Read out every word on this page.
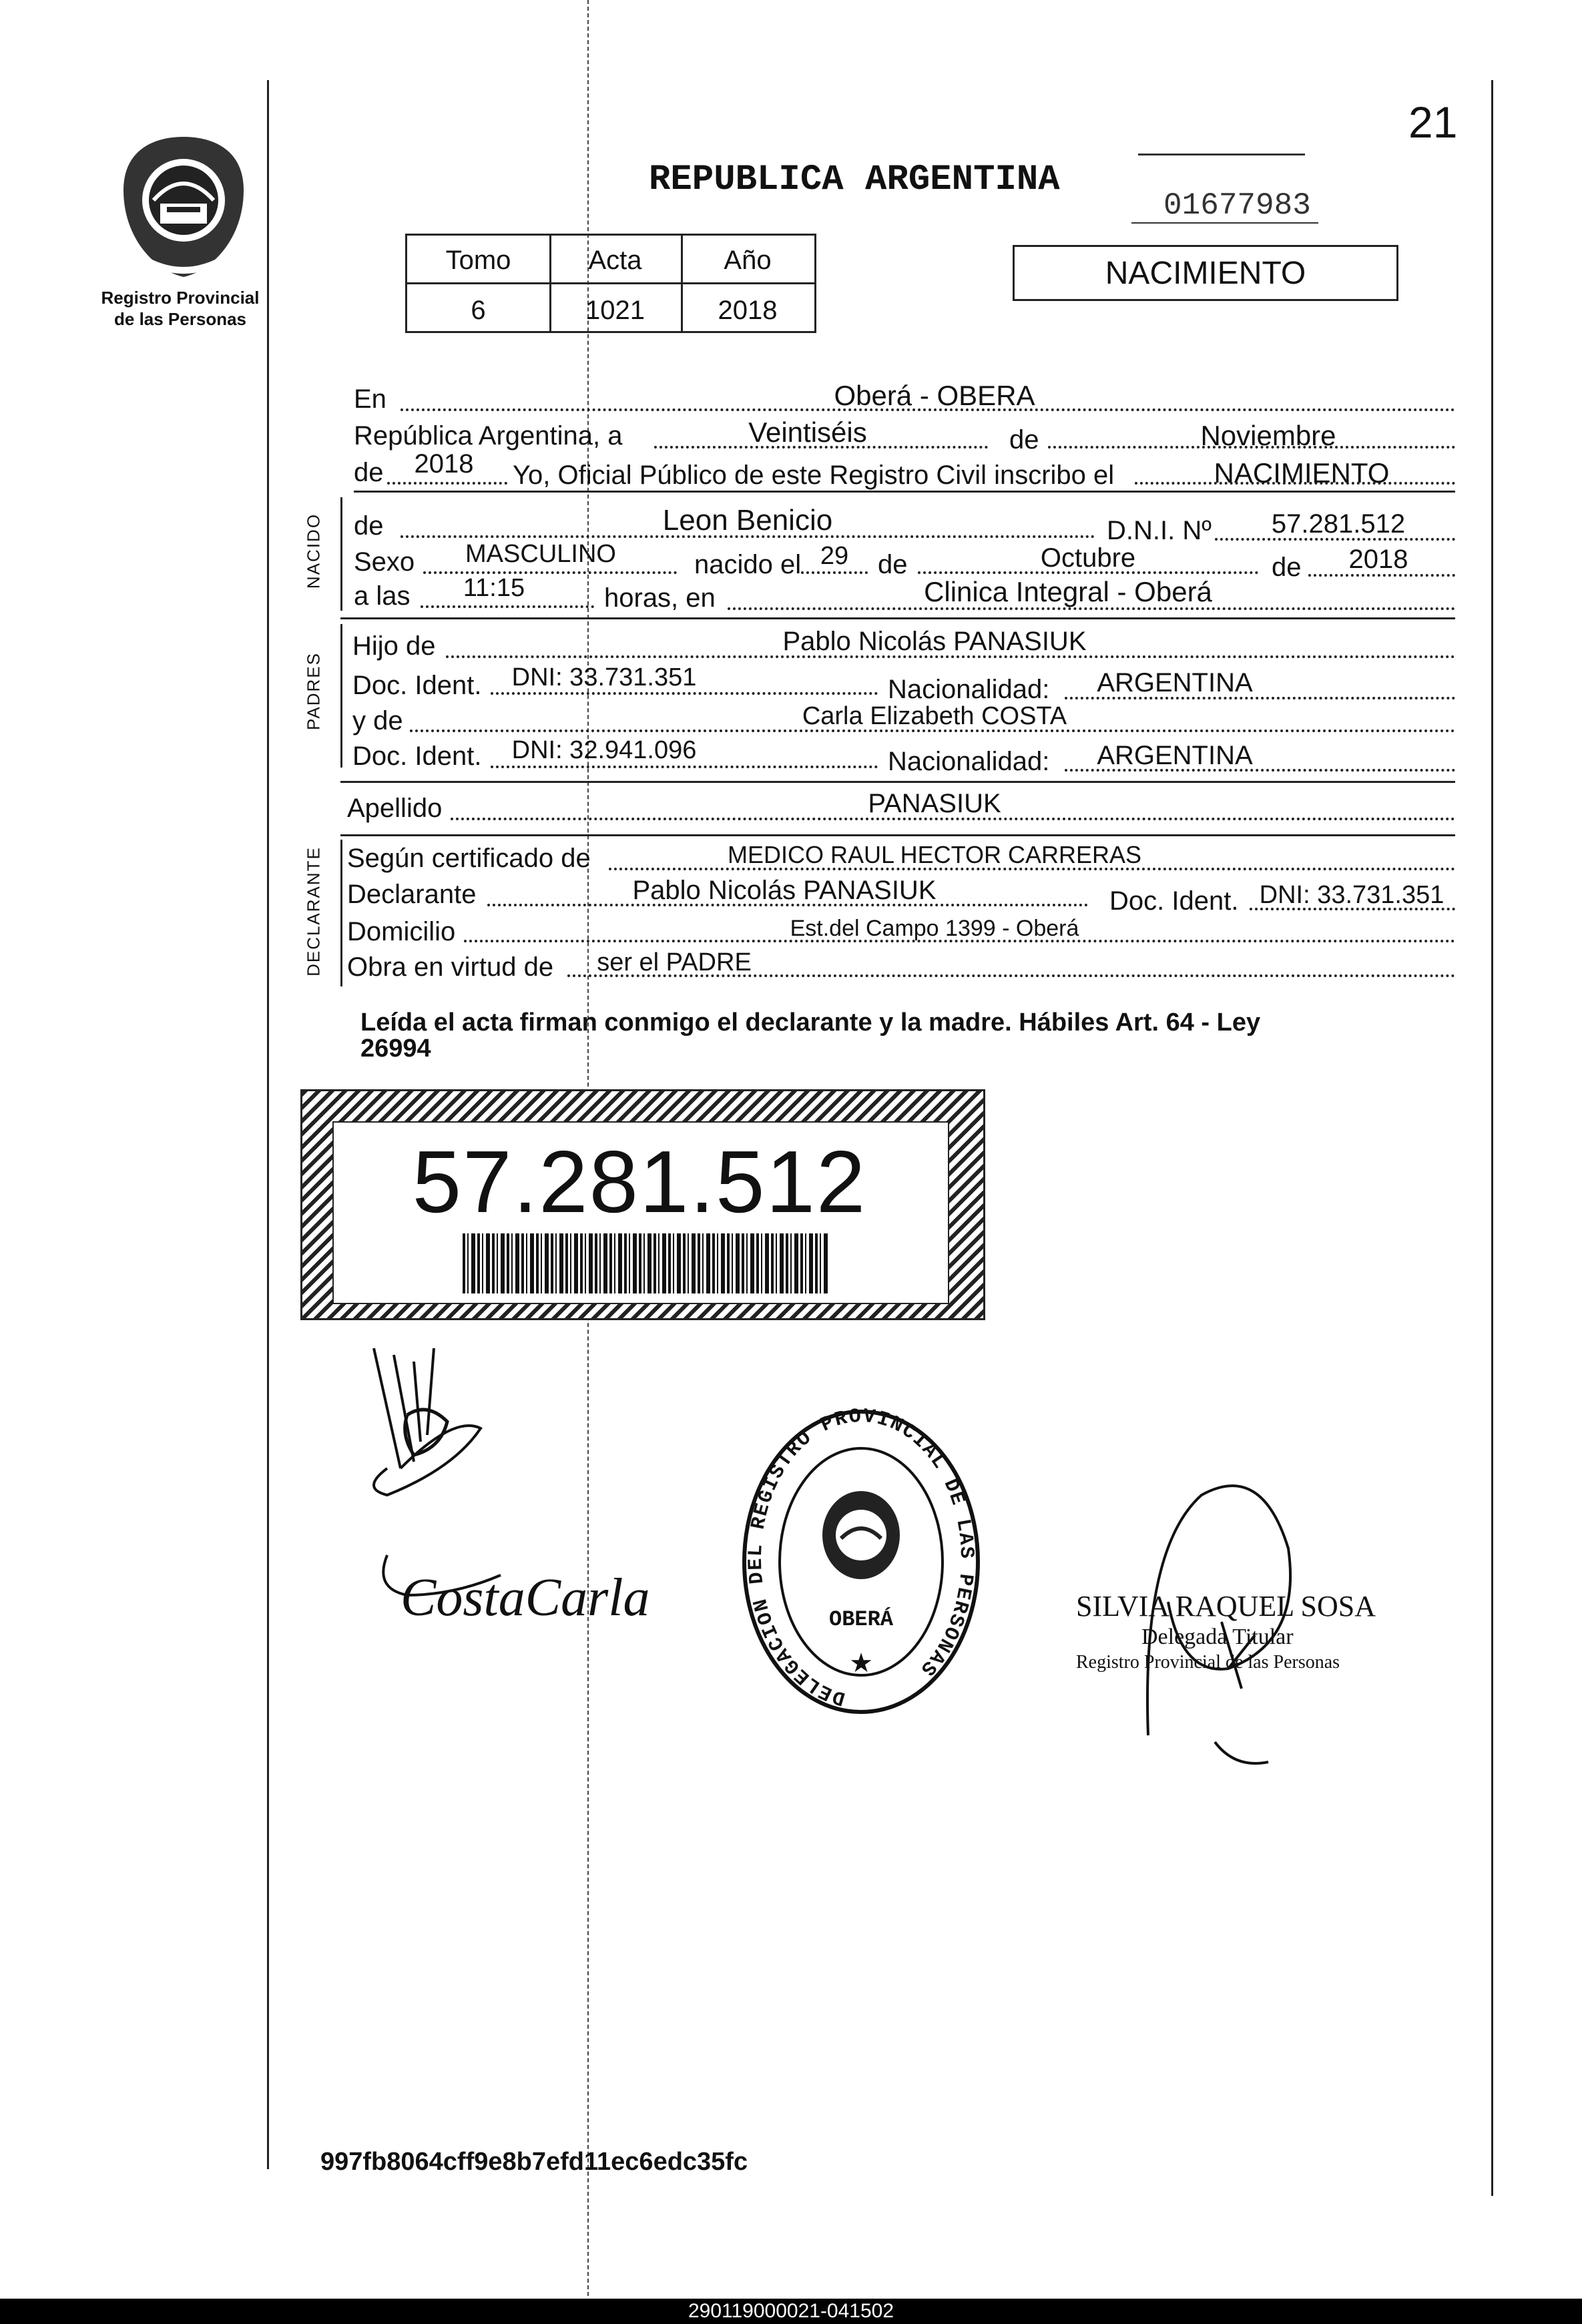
21
Registro Provincial
de las Personas
REPUBLICA ARGENTINA
01677983
Tomo	Acta	Año
6	1021	2018
NACIMIENTO
En	Oberá - OBERA
República Argentina, a	Veintiséis	de	Noviembre
de	2018	Yo, Oficial Público de este Registro Civil inscribo el	NACIMIENTO
NACIDO de	Leon Benicio	D.N.I. Nº	57.281.512
Sexo	MASCULINO	nacido el 29	de	Octubre	de	2018
a las	11:15	horas, en	Clinica Integral - Oberá
PADRES
Hijo de	Pablo Nicolás PANASIUK
Doc. Ident.	DNI: 33.731.351	Nacionalidad:	ARGENTINA
y de	Carla Elizabeth COSTA
Doc. Ident.	DNI: 32.941.096	Nacionalidad:	ARGENTINA
Apellido	PANASIUK
DECLARANTE Según certificado de	MEDICO RAUL HECTOR CARRERAS
Declarante	Pablo Nicolás PANASIUK	Doc. Ident. DNI: 33.731.351
Domicilio	Est.del Campo 1399 - Oberá
Obra en virtud de	ser el PADRE
Leída el acta firman conmigo el declarante y la madre. Hábiles Art. 64 - Ley
26994
57.281.512
CostaCarla
DELEGACION DEL REGISTRO PROVINCIAL DE LAS PERSONAS
OBERÁ
★
SILVIA RAQUEL SOSA
Delegada Titular
Registro Provincial de las Personas
997fb8064cff9e8b7efd11ec6edc35fc
290119000021-041502
